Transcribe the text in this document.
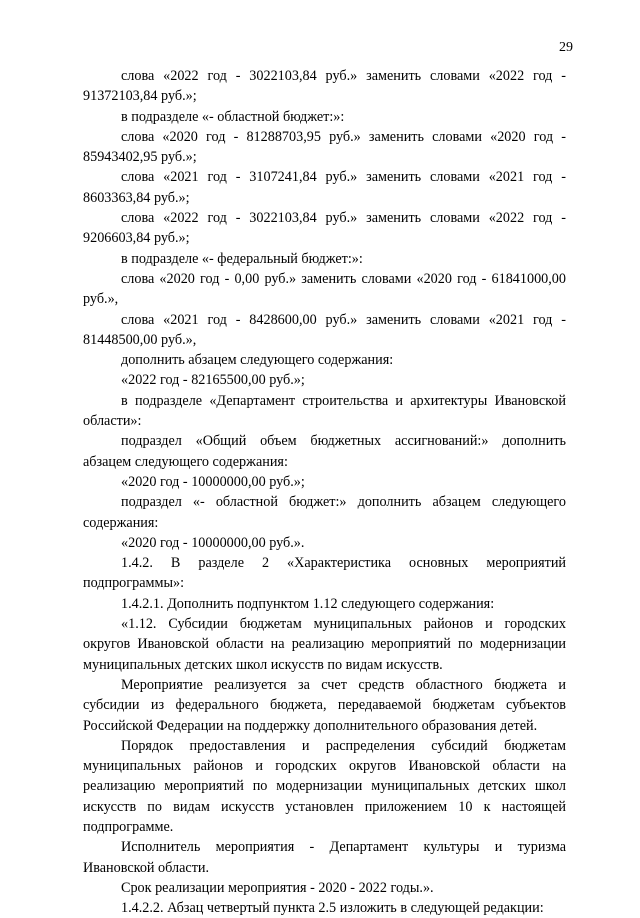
29

слова «2022 год - 3022103,84 руб.» заменить словами «2022 год - 91372103,84 руб.»;

в подразделе «- областной бюджет:»:

слова «2020 год - 81288703,95 руб.» заменить словами «2020 год - 85943402,95 руб.»;

слова «2021 год - 3107241,84 руб.» заменить словами «2021 год - 8603363,84 руб.»;

слова «2022 год - 3022103,84 руб.» заменить словами «2022 год - 9206603,84 руб.»;

в подразделе «- федеральный бюджет:»:

слова «2020 год - 0,00 руб.» заменить словами «2020 год - 61841000,00 руб.»,

слова «2021 год - 8428600,00 руб.» заменить словами «2021 год - 81448500,00 руб.»,

дополнить абзацем следующего содержания:

«2022 год - 82165500,00 руб.»;

в подразделе «Департамент строительства и архитектуры Ивановской области»:

подраздел «Общий объем бюджетных ассигнований:» дополнить абзацем следующего содержания:

«2020 год - 10000000,00 руб.»;

подраздел «- областной бюджет:» дополнить абзацем следующего содержания:

«2020 год - 10000000,00 руб.».

1.4.2. В разделе 2 «Характеристика основных мероприятий подпрограммы»:

1.4.2.1. Дополнить подпунктом 1.12 следующего содержания:

«1.12. Субсидии бюджетам муниципальных районов и городских округов Ивановской области на реализацию мероприятий по модернизации муниципальных детских школ искусств по видам искусств.

Мероприятие реализуется за счет средств областного бюджета и субсидии из федерального бюджета, передаваемой бюджетам субъектов Российской Федерации на поддержку дополнительного образования детей.

Порядок предоставления и распределения субсидий бюджетам муниципальных районов и городских округов Ивановской области на реализацию мероприятий по модернизации муниципальных детских школ искусств по видам искусств установлен приложением 10 к настоящей подпрограмме.

Исполнитель мероприятия - Департамент культуры и туризма Ивановской области.

Срок реализации мероприятия - 2020 - 2022 годы.».

1.4.2.2. Абзац четвертый пункта 2.5 изложить в следующей редакции:
